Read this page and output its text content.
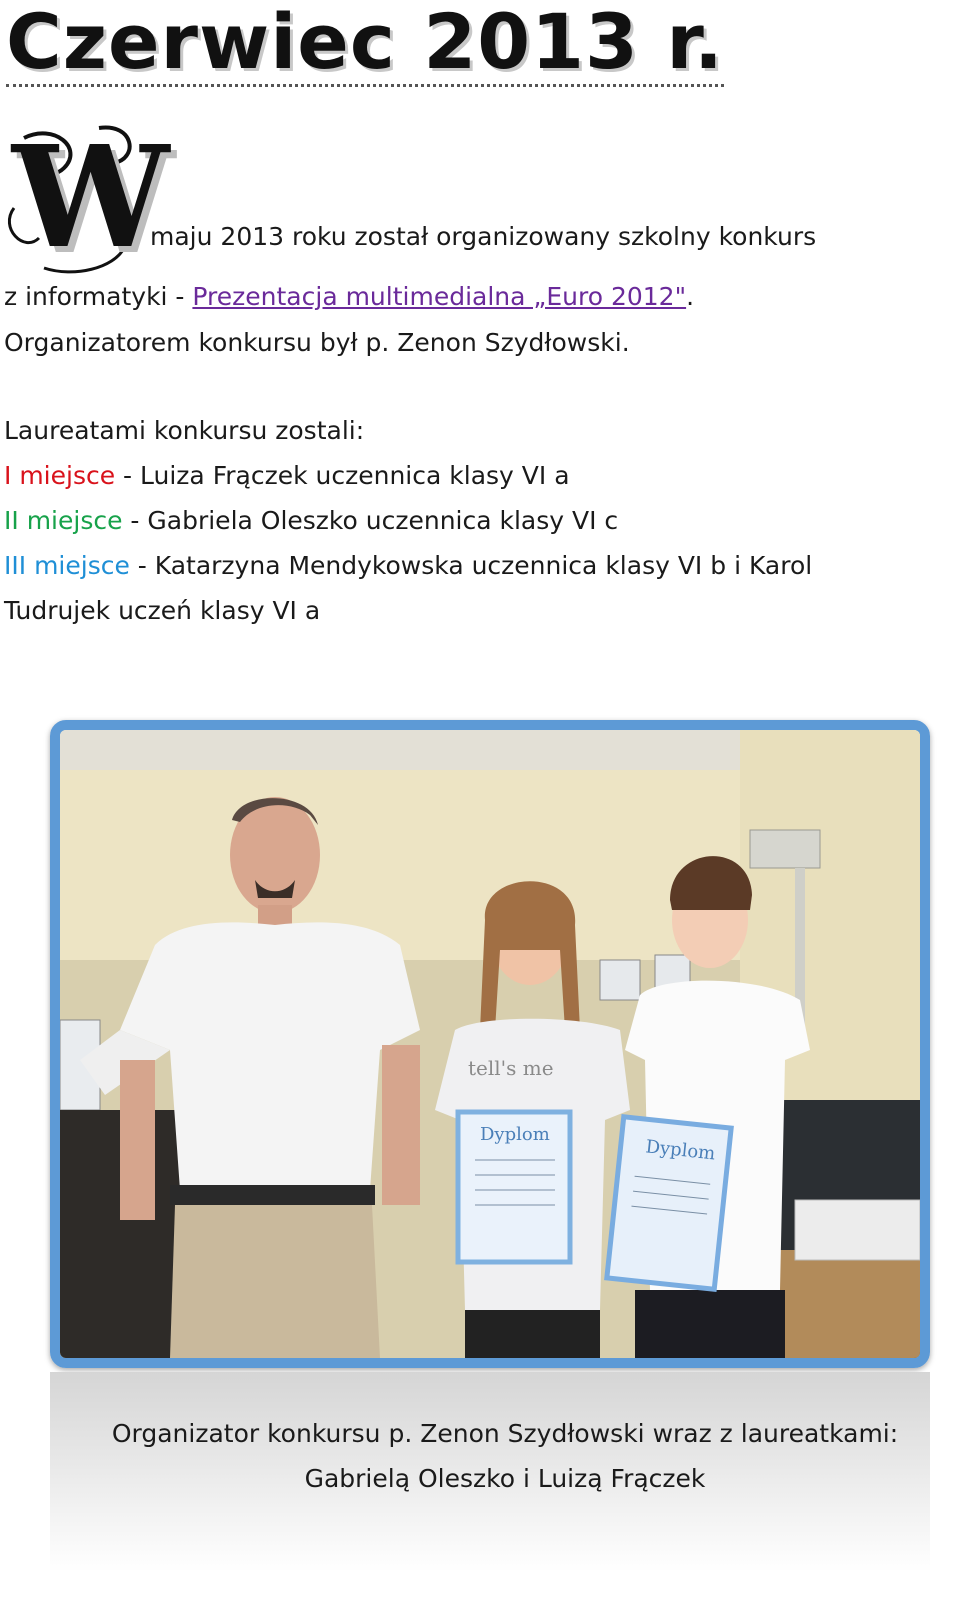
Czerwiec 2013 r.

W

maju 2013 roku został organizowany szkolny konkurs

z informatyki - Prezentacja multimedialna „Euro 2012".

Organizatorem konkursu był p. Zenon Szydłowski.

Laureatami konkursu zostali:

I miejsce - Luiza Frączek uczennica klasy VI a

II miejsce - Gabriela Oleszko uczennica klasy VI c

III miejsce - Katarzyna Mendykowska uczennica klasy VI b i Karol

Tudrujek uczeń klasy VI a

Dyplom
tell's me
Dyplom

Organizator konkursu p. Zenon Szydłowski wraz z laureatkami:

Gabrielą Oleszko i Luizą Frączek
